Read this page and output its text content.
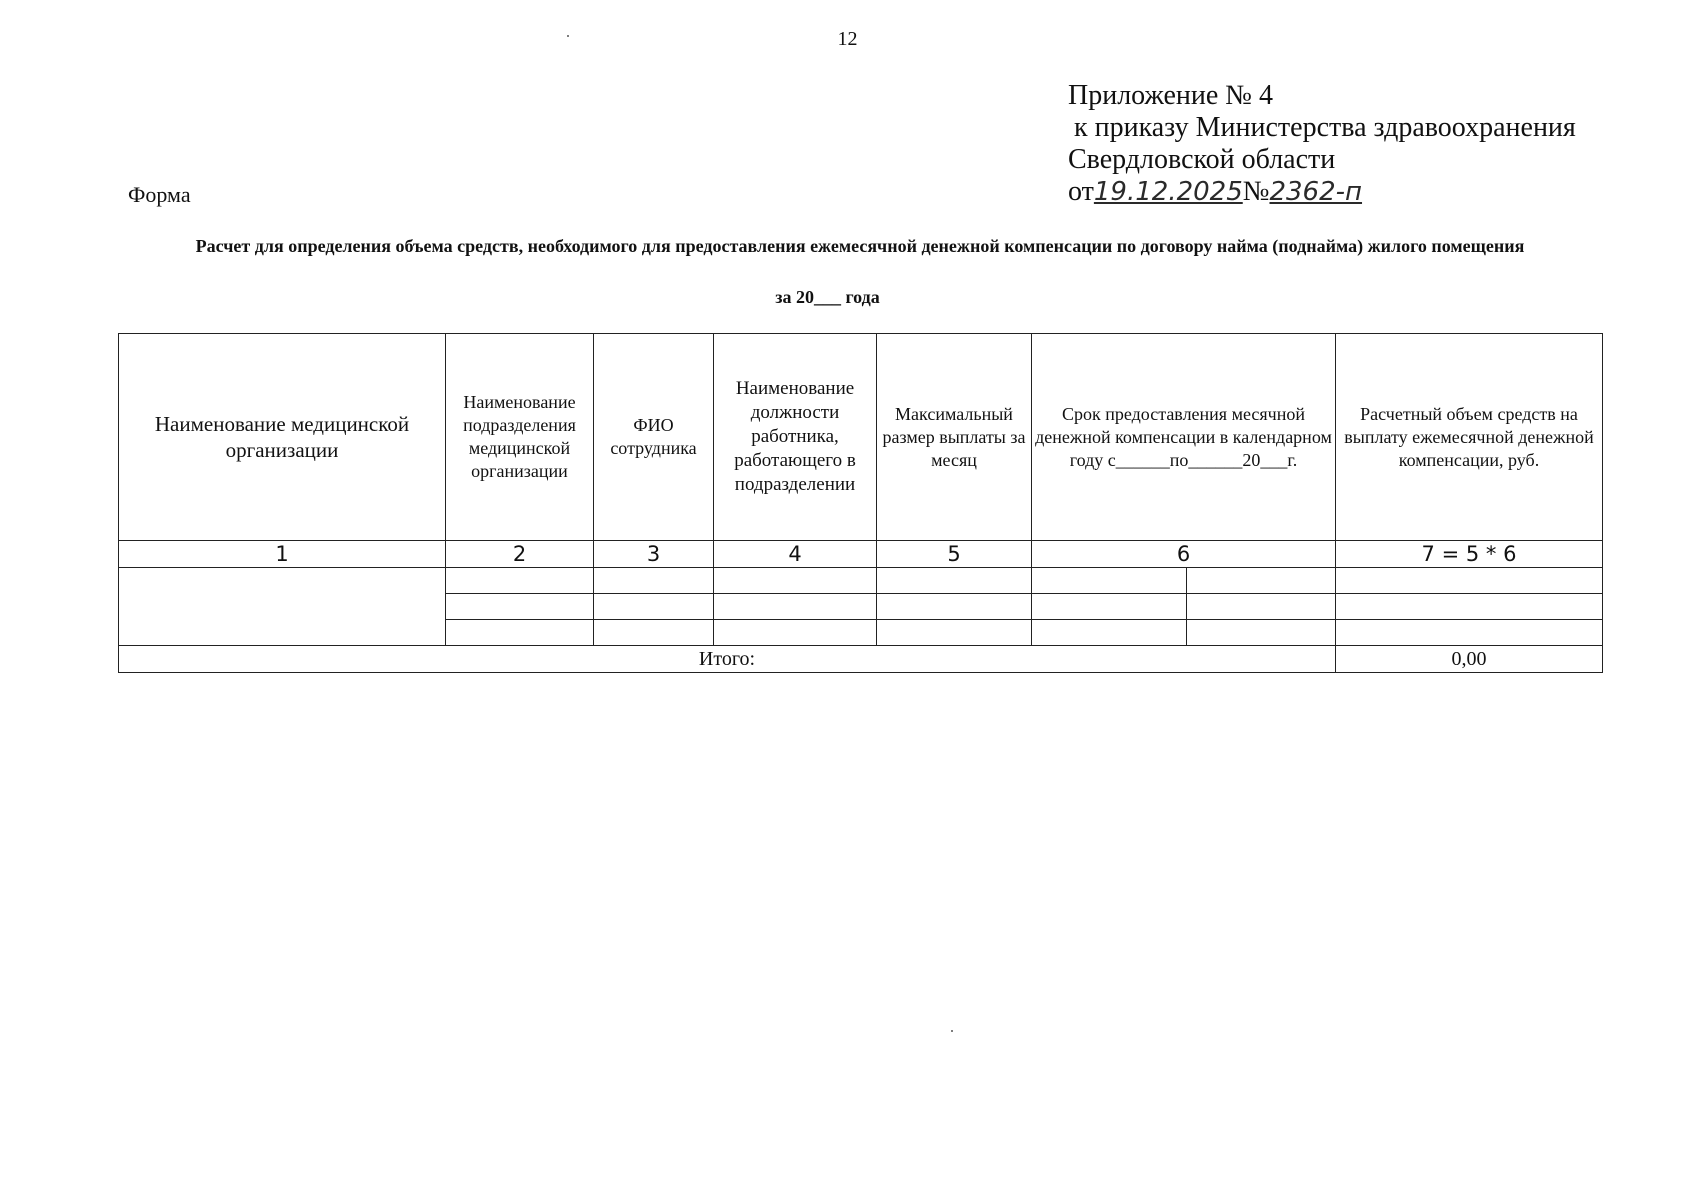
12
Приложение № 4
к приказу Министерства здравоохранения
Свердловской области
от19.12.2025№2362-п
Форма
Расчет для определения объема средств, необходимого для предоставления ежемесячной денежной компенсации по договору найма (поднайма) жилого помещения
за 20___ года
Наименование медицинской организации	Наименование подразделения медицинской организации	ФИО сотрудника	Наименование должности работника, работающего в подразделении	Максимальный размер выплаты за месяц	Срок предоставления месячной денежной компенсации в календарном году с______по______20___г.		Расчетный объем средств на выплату ежемесячной денежной компенсации, руб.
1	2	3	4	5	6		7 = 5 * 6

Итого:							0,00
